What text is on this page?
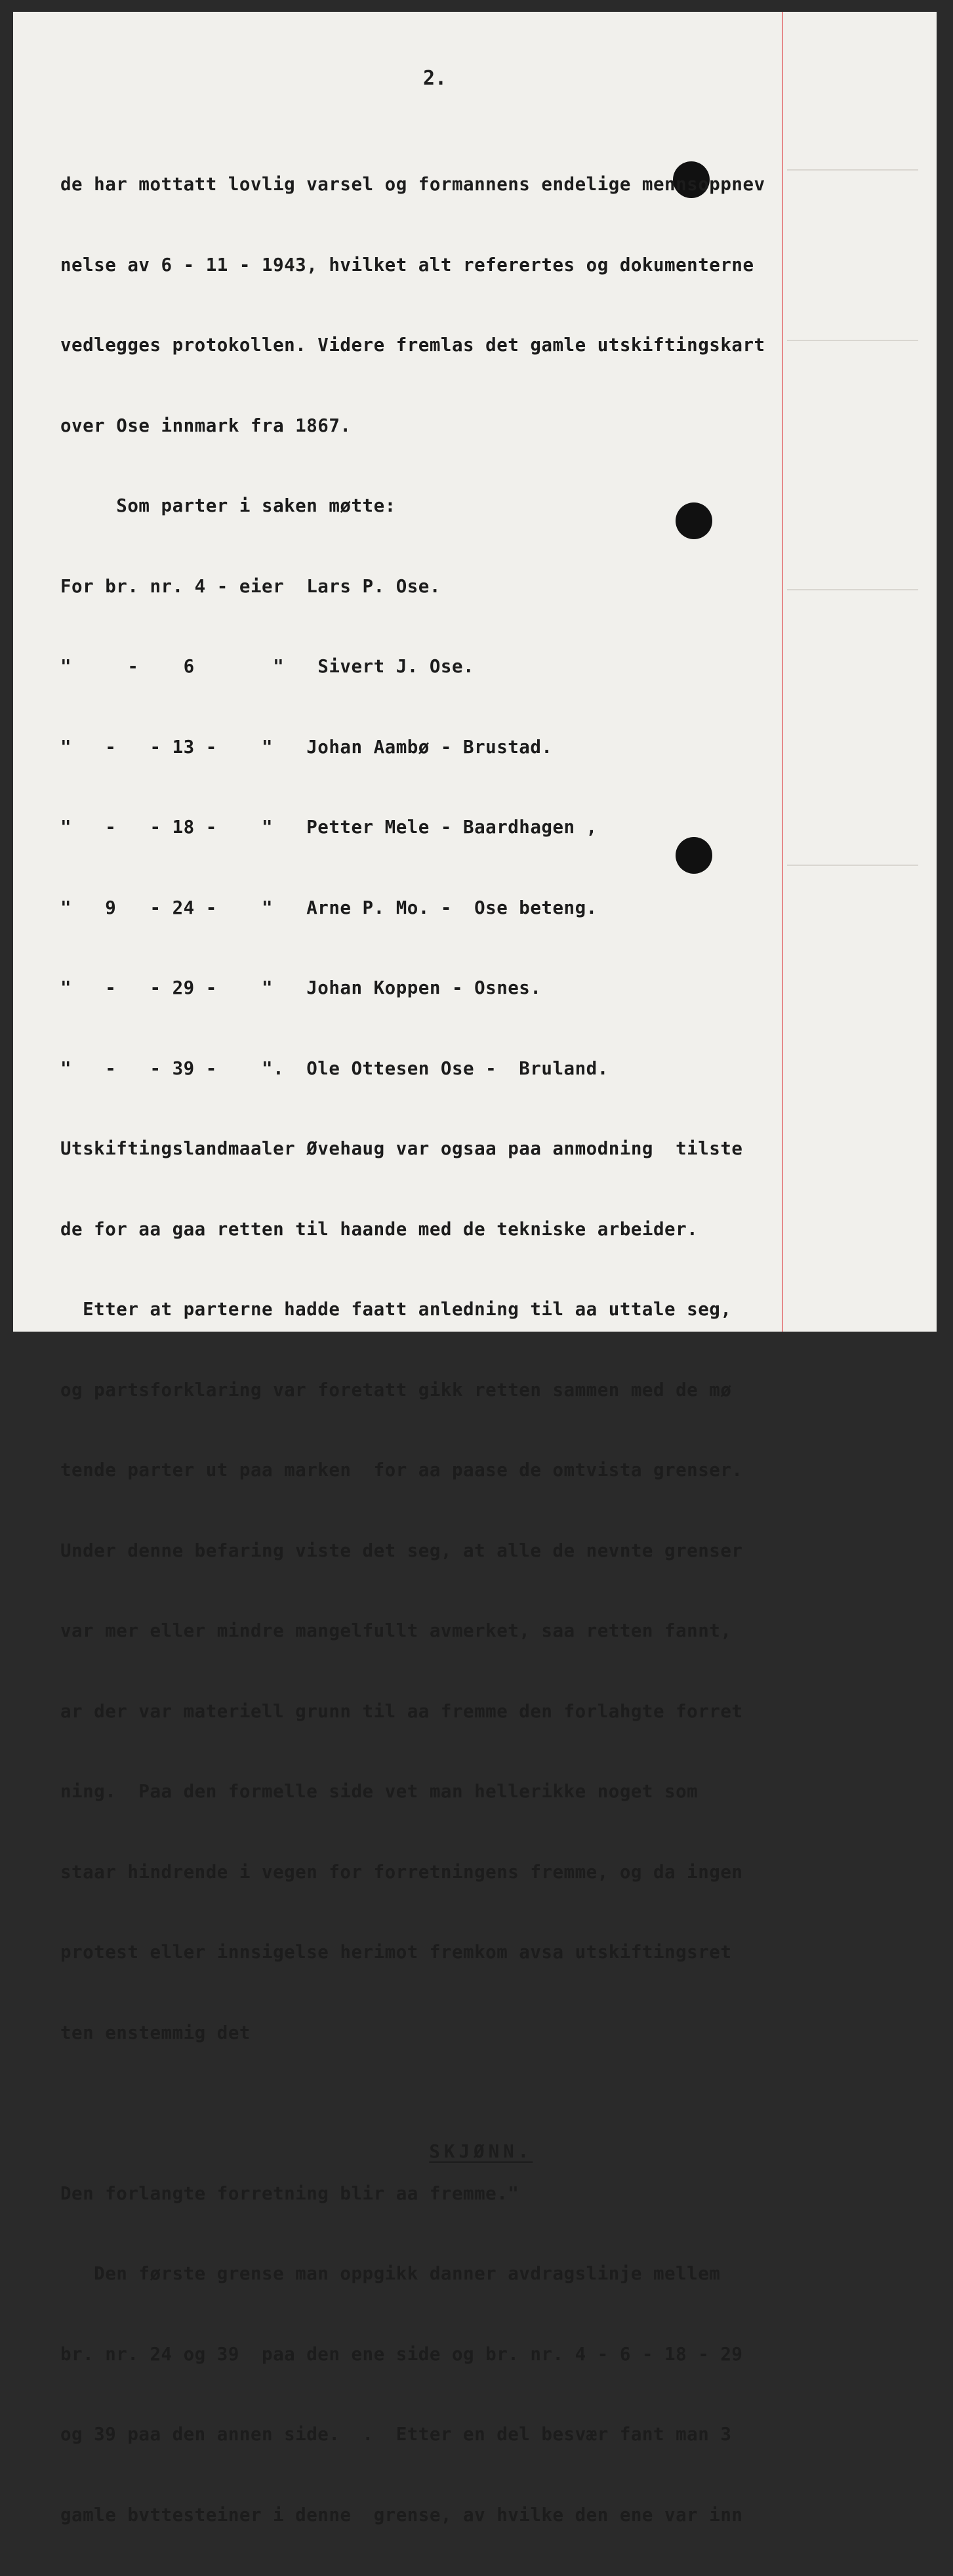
2.

de har mottatt lovlig varsel og formannens endelige mennsoppnev

nelse av 6 - 11 - 1943, hvilket alt referertes og dokumenterne

vedlegges protokollen. Videre fremlas det gamle utskiftingskart

over Ose innmark fra 1867.

Som parter i saken møtte:

For br. nr. 4 - eier  Lars P. Ose.

"     -    6       "   Sivert J. Ose.

"   -   - 13 -    "   Johan Aambø - Brustad.

"   -   - 18 -    "   Petter Mele - Baardhagen ,

"   9   - 24 -    "   Arne P. Mo. -  Ose beteng.

"   -   - 29 -    "   Johan Koppen - Osnes.

"   -   - 39 -    ".  Ole Ottesen Ose -  Bruland.

Utskiftingslandmaaler Øvehaug var ogsaa paa anmodning  tilste

de for aa gaa retten til haande med de tekniske arbeider.

Etter at parterne hadde faatt anledning til aa uttale seg,

og partsforklaring var foretatt gikk retten sammen med de mø

tende parter ut paa marken  for aa paase de omtvista grenser.

Under denne befaring viste det seg, at alle de nevnte grenser

var mer eller mindre mangelfullt avmerket, saa retten fannt,

ar der var materiell grunn til aa fremme den forlahgte forret

ning.  Paa den formelle side vet man hellerikke noget som

staar hindrende i vegen for forretningens fremme, og da ingen

protest eller innsigelse herimot fremkom avsa utskiftingsret

ten enstemmig det

SKJØNN.

Den forlangte forretning blir aa fremme."

Den første grense man oppgikk danner avdragslinje mellem

br. nr. 24 og 39  paa den ene side og br. nr. 4 - 6 - 18 - 29

og 39 paa den annen side.  .  Etter en del besvær fant man 3

gamle bvttesteiner i denne  grense, av hvilke den ene var inn
